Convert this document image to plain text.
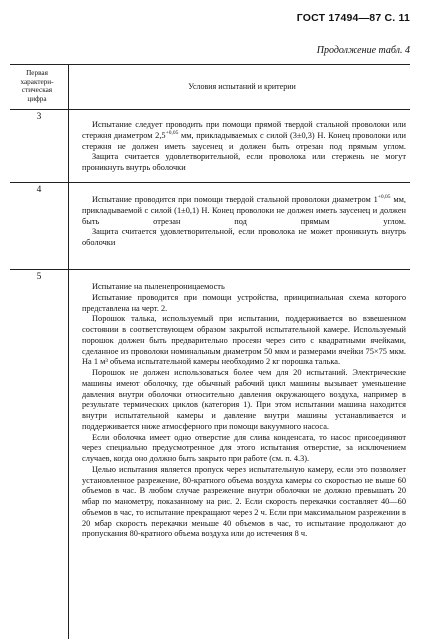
ГОСТ 17494—87 С. 11
Продолжение табл. 4
Первая
характери-
стическая
цифра
Условия испытаний и критерии
3

Испытание следует проводить при помощи прямой твердой стальной проволоки или стержня диаметром $2,5^{+0,05}$ мм, прикладываемых с силой (3±0,3) Н. Конец проволоки или стержня не должен иметь заусенец и должен быть отрезан под прямым углом.

Защита считается удовлетворительной, если проволока или стержень не могут проникнуть внутрь оболочки

4

Испытание проводится при помощи твердой стальной проволоки диаметром $1^{+0,05}$ мм, прикладываемой с силой (1±0,1) Н. Конец проволоки не должен иметь заусенец и должен быть отрезан под прямым углом.

Защита считается удовлетворительной, если проволока не может проникнуть внутрь оболочки

5

Испытание на пыленепроницаемость

Испытание проводится при помощи устройства, принципиальная схема которого представлена на черт. 2.

Порошок талька, используемый при испытании, поддерживается во взвешенном состоянии в соответствующем образом закрытой испытательной камере. Используемый порошок должен быть предварительно просеян через сито с квадратными ячейками, сделанное из проволоки номинальным диаметром 50 мкм и размерами ячейки 75×75 мкм. На 1 м³ объема испытательной камеры необходимо 2 кг порошка талька.

Порошок не должен использоваться более чем для 20 испытаний. Электрические машины имеют оболочку, где обычный рабочий цикл машины вызывает уменьшение давления внутри оболочки относительно давления окружающего воздуха, например в результате термических циклов (категория 1). При этом испытании машина находится внутри испытательной камеры и давление внутри машины устанавливается и поддерживается ниже атмосферного при помощи вакуумного насоса.

Если оболочка имеет одно отверстие для слива конденсата, то насос присоединяют через специально предусмотренное для этого испытания отверстие, за исключением случаев, когда оно должно быть закрыто при работе (см. п. 4.3).

Целью испытания является пропуск через испытательную камеру, если это позволяет установленное разрежение, 80-кратного объема воздуха камеры со скоростью не выше 60 объемов в час. В любом случае разрежение внутри оболочки не должно превышать 20 мбар по манометру, показанному на рис. 2. Если скорость перекачки составляет 40—60 объемов в час, то испытание прекращают через 2 ч. Если при максимальном разрежении в 20 мбар скорость перекачки меньше 40 объемов в час, то испытание продолжают до пропускания 80-кратного объема воздуха или до истечения 8 ч.
